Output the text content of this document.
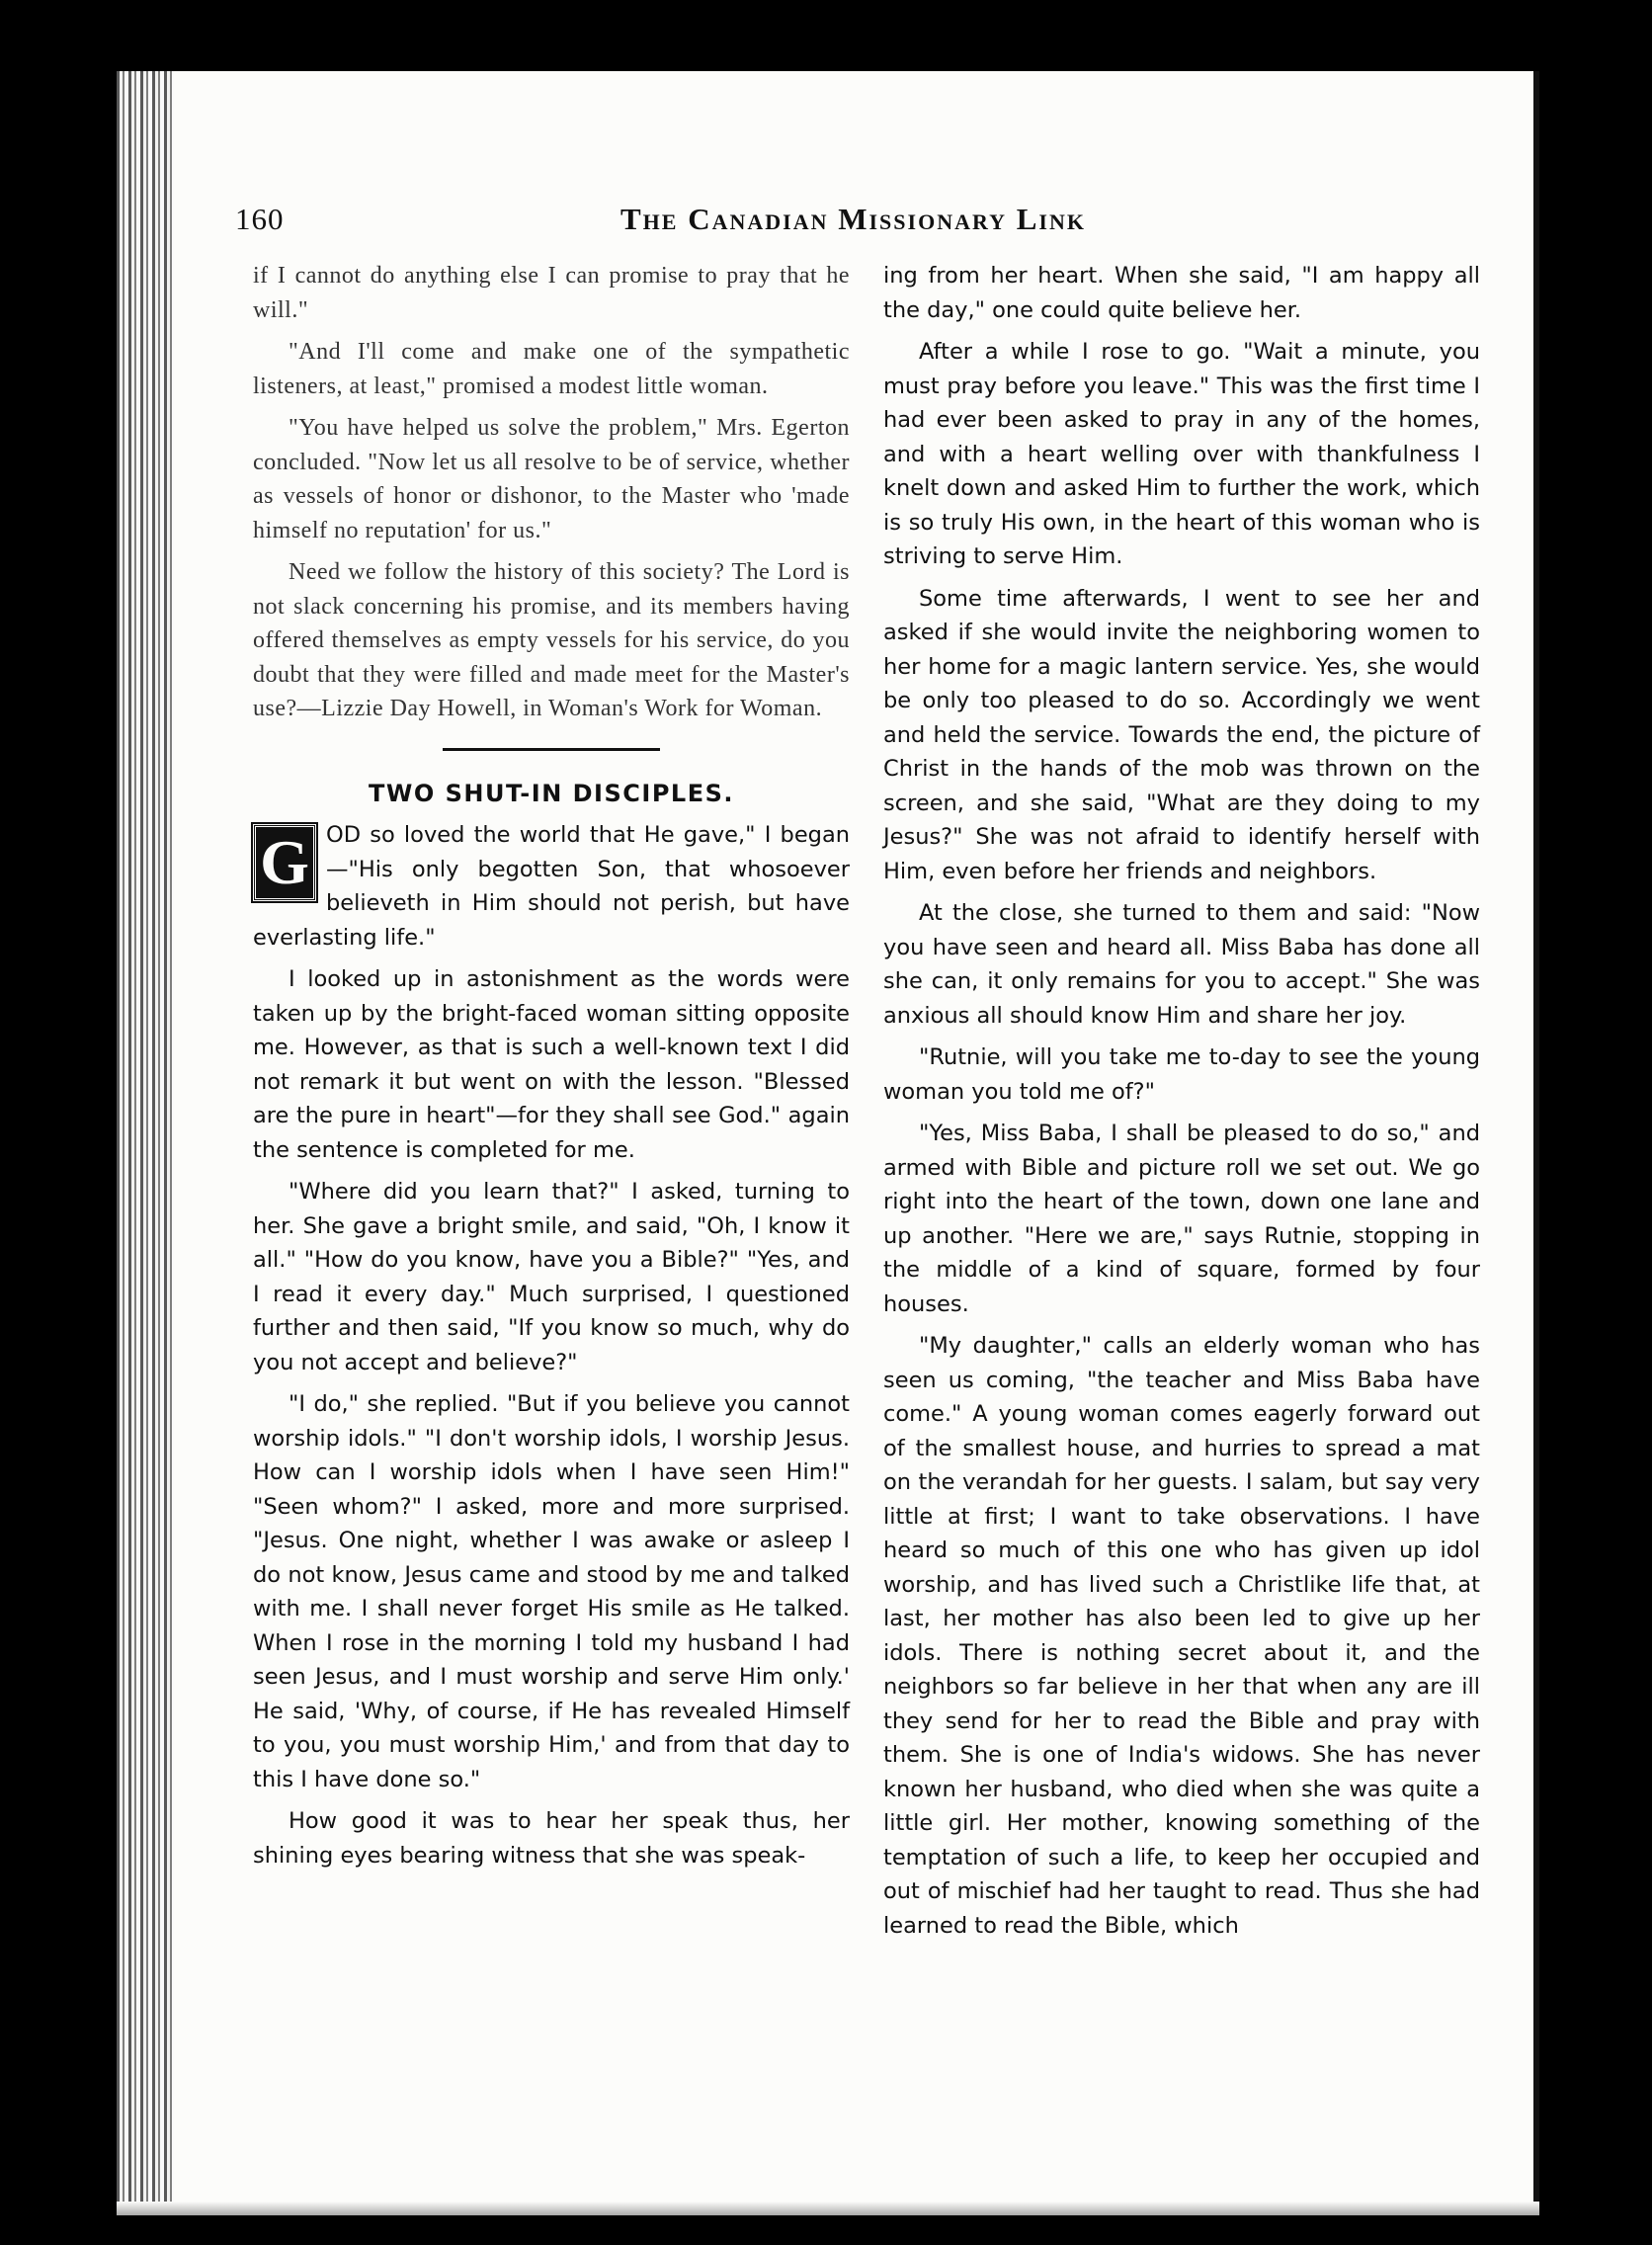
160	The Canadian Missionary Link

if I cannot do anything else I can promise to pray that he will."

"And I'll come and make one of the sympathetic listeners, at least," promised a modest little woman.

"You have helped us solve the problem," Mrs. Egerton concluded. "Now let us all resolve to be of service, whether as vessels of honor or dishonor, to the Master who 'made himself no reputation' for us."

Need we follow the history of this society? The Lord is not slack concerning his promise, and its members having offered themselves as empty vessels for his service, do you doubt that they were filled and made meet for the Master's use?—Lizzie Day Howell, in Woman's Work for Woman.

TWO SHUT-IN DISCIPLES.

G OD so loved the world that He gave," I began—"His only begotten Son, that whosoever believeth in Him should not perish, but have everlasting life."

I looked up in astonishment as the words were taken up by the bright-faced woman sitting opposite me. However, as that is such a well-known text I did not remark it but went on with the lesson. "Blessed are the pure in heart"—for they shall see God." again the sentence is completed for me.

"Where did you learn that?" I asked, turning to her. She gave a bright smile, and said, "Oh, I know it all." "How do you know, have you a Bible?" "Yes, and I read it every day." Much surprised, I questioned further and then said, "If you know so much, why do you not accept and believe?"

"I do," she replied. "But if you believe you cannot worship idols." "I don't worship idols, I worship Jesus. How can I worship idols when I have seen Him!" "Seen whom?" I asked, more and more surprised. "Jesus. One night, whether I was awake or asleep I do not know, Jesus came and stood by me and talked with me. I shall never forget His smile as He talked. When I rose in the morning I told my husband I had seen Jesus, and I must worship and serve Him only.' He said, 'Why, of course, if He has revealed Himself to you, you must worship Him,' and from that day to this I have done so."

How good it was to hear her speak thus, her shining eyes bearing witness that she was speak-

ing from her heart. When she said, "I am happy all the day," one could quite believe her.

After a while I rose to go. "Wait a minute, you must pray before you leave." This was the first time I had ever been asked to pray in any of the homes, and with a heart welling over with thankfulness I knelt down and asked Him to further the work, which is so truly His own, in the heart of this woman who is striving to serve Him.

Some time afterwards, I went to see her and asked if she would invite the neighboring women to her home for a magic lantern service. Yes, she would be only too pleased to do so. Accordingly we went and held the service. Towards the end, the picture of Christ in the hands of the mob was thrown on the screen, and she said, "What are they doing to my Jesus?" She was not afraid to identify herself with Him, even before her friends and neighbors.

At the close, she turned to them and said: "Now you have seen and heard all. Miss Baba has done all she can, it only remains for you to accept." She was anxious all should know Him and share her joy.

"Rutnie, will you take me to-day to see the young woman you told me of?"

"Yes, Miss Baba, I shall be pleased to do so," and armed with Bible and picture roll we set out. We go right into the heart of the town, down one lane and up another. "Here we are," says Rutnie, stopping in the middle of a kind of square, formed by four houses.

"My daughter," calls an elderly woman who has seen us coming, "the teacher and Miss Baba have come." A young woman comes eagerly forward out of the smallest house, and hurries to spread a mat on the verandah for her guests. I salam, but say very little at first; I want to take observations. I have heard so much of this one who has given up idol worship, and has lived such a Christlike life that, at last, her mother has also been led to give up her idols. There is nothing secret about it, and the neighbors so far believe in her that when any are ill they send for her to read the Bible and pray with them. She is one of India's widows. She has never known her husband, who died when she was quite a little girl. Her mother, knowing something of the temptation of such a life, to keep her occupied and out of mischief had her taught to read. Thus she had learned to read the Bible, which
